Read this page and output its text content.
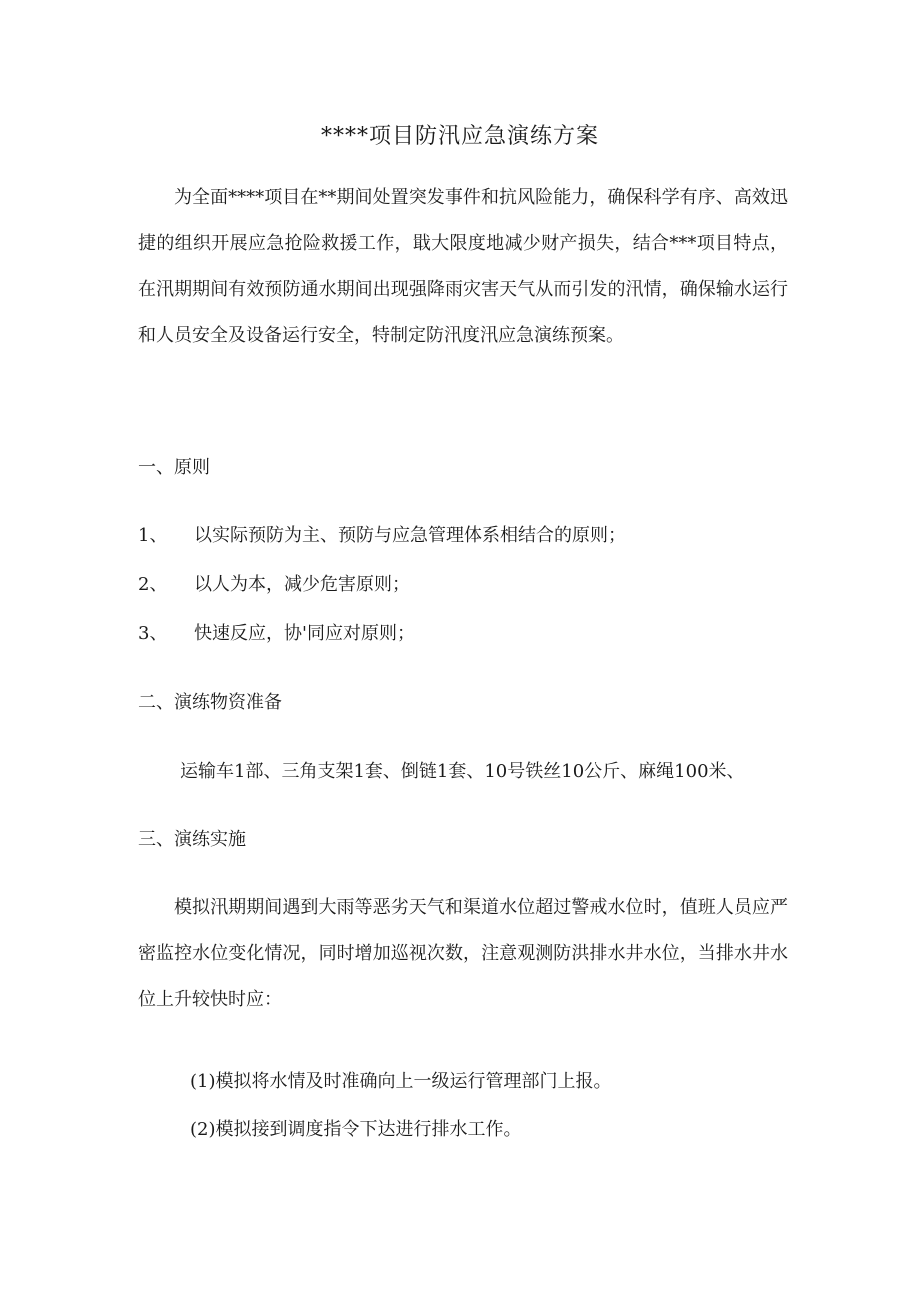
****项目防汛应急演练方案

为全面****项目在**期间处置突发事件和抗风险能力，确保科学有序、高效迅捷的组织开展应急抢险救援工作，戢大限度地减少财产损失，结合***项目特点，在汛期期间有效预防通水期间出现强降雨灾害天气从而引发的汛情，确保输水运行和人员安全及设备运行安全，特制定防汛度汛应急演练预案。

一、原则

1、 以实际预防为主、预防与应急管理体系相结合的原则；

2、 以人为本，减少危害原则；

3、 快速反应，协'同应对原则；

二、演练物资准备

运输车1部、三角支架1套、倒链1套、10号铁丝10公斤、麻绳100米、

三、演练实施

模拟汛期期间遇到大雨等恶劣天气和渠道水位超过警戒水位时，值班人员应严密监控水位变化情况，同时增加巡视次数，注意观测防洪排水井水位，当排水井水位上升较快时应：

(1)模拟将水情及时准确向上一级运行管理部门上报。

(2)模拟接到调度指令下达进行排水工作。
